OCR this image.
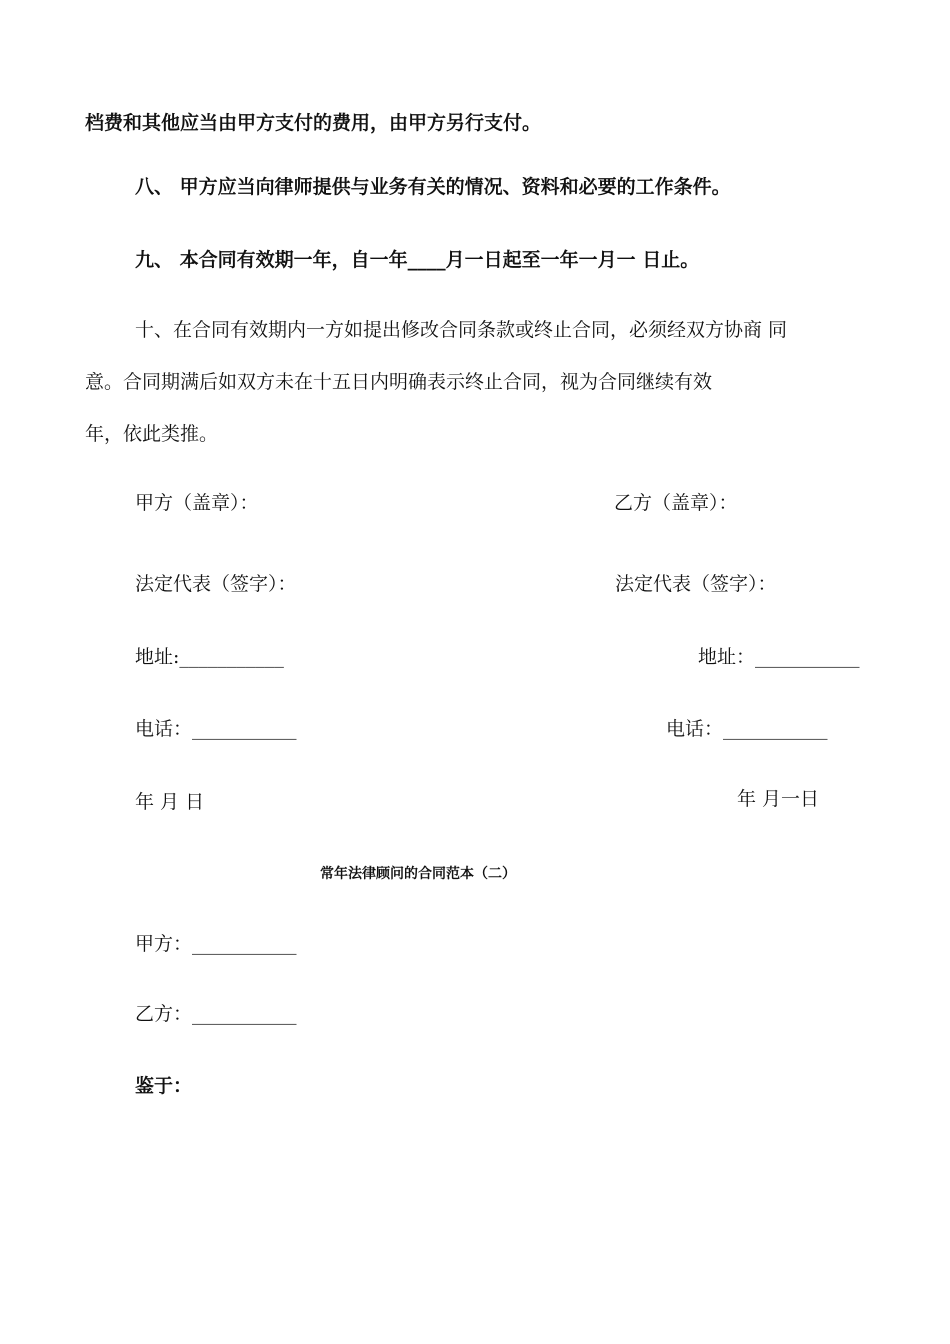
档费和其他应当由甲方支付的费用，由甲方另行支付。
八、 甲方应当向律师提供与业务有关的情况、资料和必要的工作条件。
九、 本合同有效期一年，自一年____月一日起至一年一月一 日止。
十、在合同有效期内一方如提出修改合同条款或终止合同，必须经双方协商 同
意。合同期满后如双方未在十五日内明确表示终止合同，视为合同继续有效
年，依此类推。
甲方（盖章）：	乙方（盖章）：
法定代表（签字）：	法定代表（签字）：
地址:___________	地址：___________
电话：___________	电话：___________
年 月 日	年 月一日
常年法律顾问的合同范本（二）
甲方：___________
乙方：___________
鉴于：
